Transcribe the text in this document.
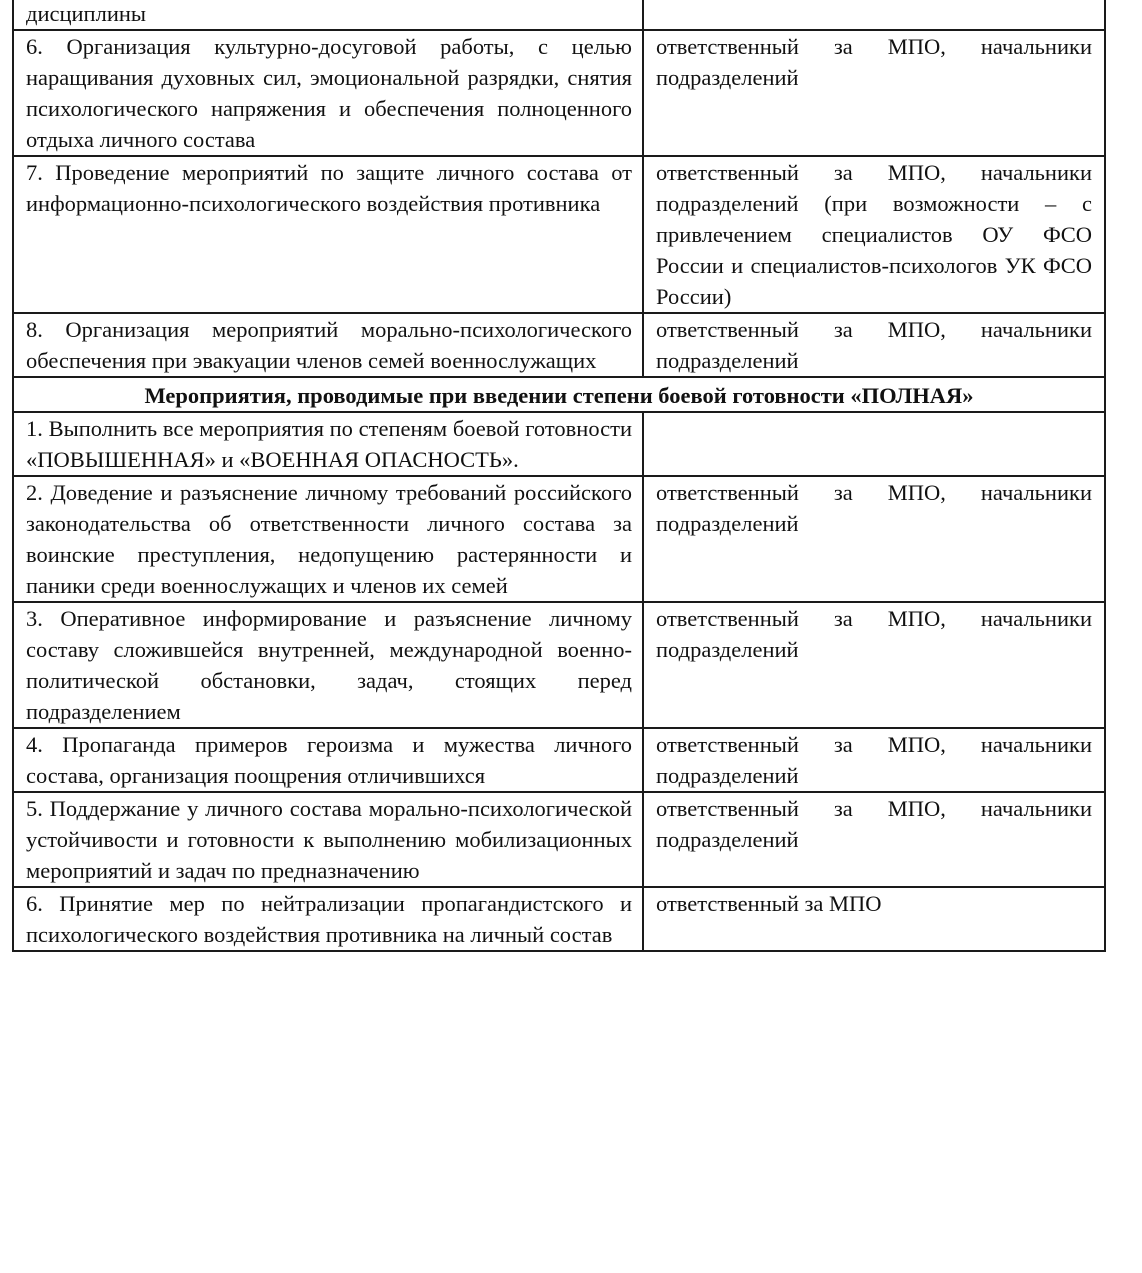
дисциплины	

6. Организация культурно-досуговой работы, с целью наращивания духовных сил, эмоциональной разрядки, снятия психологического напряжения и обеспечения полноценного отдыха личного состава	ответственный за МПО, начальники подразделений

7. Проведение мероприятий по защите личного состава от информационно-психологического воздействия противника	ответственный за МПО, начальники подразделений (при возможности – с привлечением специалистов ОУ ФСО России и специалистов-психологов УК ФСО России)

8. Организация мероприятий морально-психологического обеспечения при эвакуации членов семей военнослужащих	ответственный за МПО, начальники подразделений

Мероприятия, проводимые при введении степени боевой готовности «ПОЛНАЯ»	

1. Выполнить все мероприятия по степеням боевой готовности «ПОВЫШЕННАЯ» и «ВОЕННАЯ ОПАСНОСТЬ».	

2. Доведение и разъяснение личному требований российского законодательства об ответственности личного состава за воинские преступления, недопущению растерянности и паники среди военнослужащих и членов их семей	ответственный за МПО, начальники подразделений

3. Оперативное информирование и разъяснение личному составу сложившейся внутренней, международной военно-политической обстановки, задач, стоящих перед подразделением	ответственный за МПО, начальники подразделений

4. Пропаганда примеров героизма и мужества личного состава, организация поощрения отличившихся	ответственный за МПО, начальники подразделений

5. Поддержание у личного состава морально-психологической устойчивости и готовности к выполнению мобилизационных мероприятий и задач по предназначению	ответственный за МПО, начальники подразделений

6. Принятие мер по нейтрализации пропагандистского и психологического воздействия противника на личный состав	ответственный за МПО
